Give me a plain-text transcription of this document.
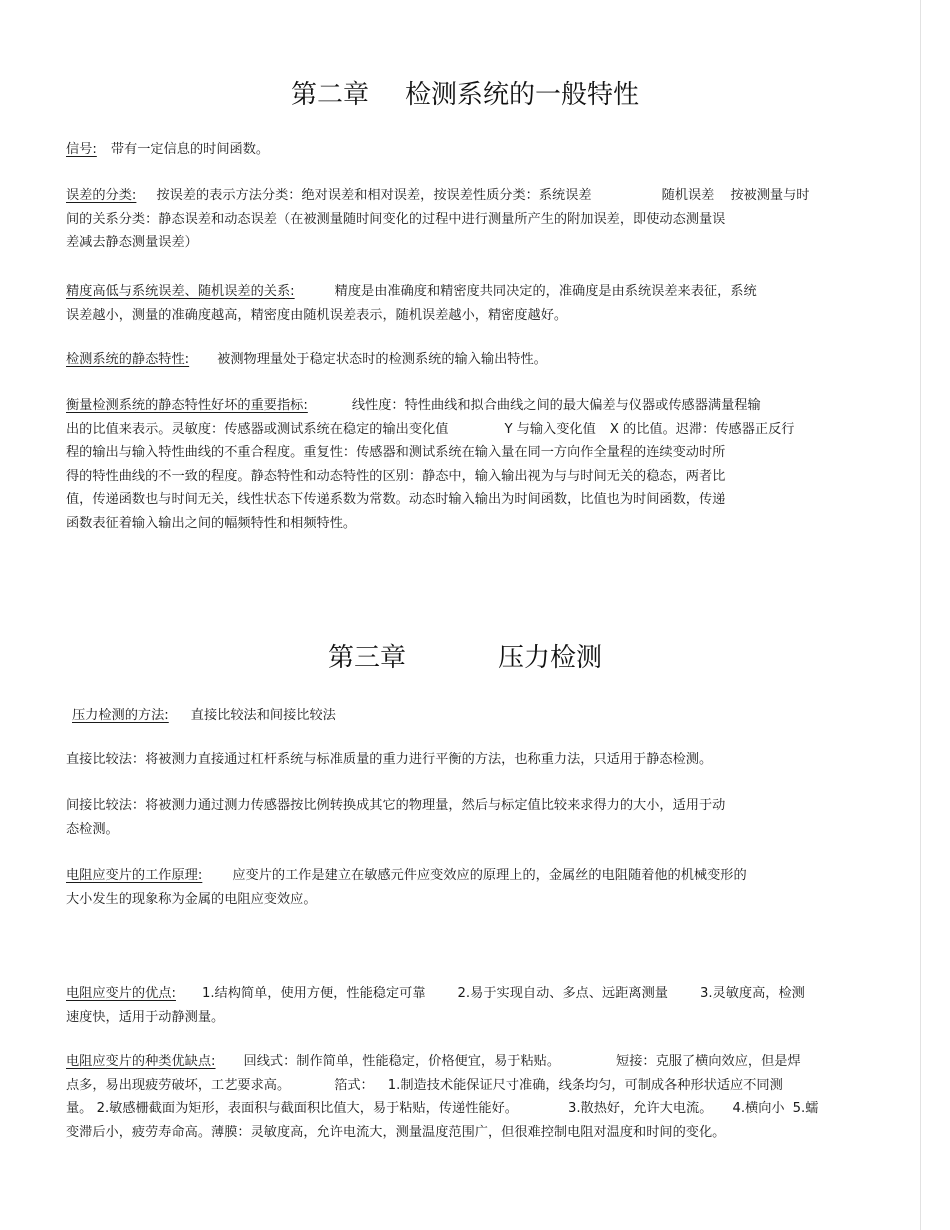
第二章 检测系统的一般特性
信号: 带有一定信息的时间函数。
误差的分类: 按误差的表示方法分类：绝对误差和相对误差，按误差性质分类：系统误差	随机误差 按被测量与时
间的关系分类：静态误差和动态误差（在被测量随时间变化的过程中进行测量所产生的附加误差，即使动态测量误
差减去静态测量误差）
精度高低与系统误差、随机误差的关系:	精度是由准确度和精密度共同决定的，准确度是由系统误差来表征，系统
误差越小，测量的准确度越高，精密度由随机误差表示，随机误差越小，精密度越好。
检测系统的静态特性: 被测物理量处于稳定状态时的检测系统的输入输出特性。
衡量检测系统的静态特性好坏的重要指标:	线性度：特性曲线和拟合曲线之间的最大偏差与仪器或传感器满量程输
出的比值来表示。灵敏度：传感器或测试系统在稳定的输出变化值	Y 与输入变化值 X 的比值。迟滞：传感器正反行
程的输出与输入特性曲线的不重合程度。重复性：传感器和测试系统在输入量在同一方向作全量程的连续变动时所
得的特性曲线的不一致的程度。静态特性和动态特性的区别：静态中，输入输出视为与与时间无关的稳态，两者比
值，传递函数也与时间无关，线性状态下传递系数为常数。动态时输入输出为时间函数，比值也为时间函数，传递
函数表征着输入输出之间的幅频特性和相频特性。
第三章	压力检测
压力检测的方法: 直接比较法和间接比较法
直接比较法：将被测力直接通过杠杆系统与标准质量的重力进行平衡的方法，也称重力法，只适用于静态检测。
间接比较法：将被测力通过测力传感器按比例转换成其它的物理量，然后与标定值比较来求得力的大小，适用于动
态检测。
电阻应变片的工作原理: 应变片的工作是建立在敏感元件应变效应的原理上的，金属丝的电阻随着他的机械变形的
大小发生的现象称为金属的电阻应变效应。
电阻应变片的优点: 1.结构简单，使用方便，性能稳定可靠 2.易于实现自动、多点、远距离测量 3.灵敏度高，检测
速度快，适用于动静测量。
电阻应变片的种类优缺点: 回线式：制作简单，性能稳定，价格便宜，易于粘贴。	短接：克服了横向效应，但是焊
点多，易出现疲劳破坏，工艺要求高。	箔式： 1.制造技术能保证尺寸准确，线条均匀，可制成各种形状适应不同测
量。 2.敏感栅截面为矩形，表面积与截面积比值大，易于粘贴，传递性能好。	3.散热好，允许大电流。 4.横向小 5.蠕
变滞后小，疲劳寿命高。薄膜：灵敏度高，允许电流大，测量温度范围广，但很难控制电阻对温度和时间的变化。
